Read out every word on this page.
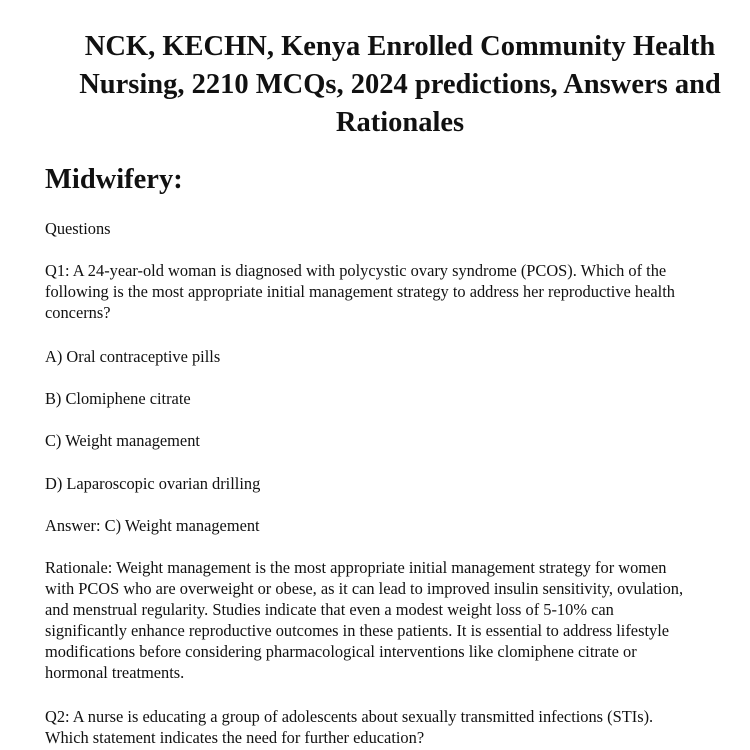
NCK, KECHN, Kenya Enrolled Community Health
Nursing, 2210 MCQs, 2024 predictions, Answers and
Rationales
Midwifery:

Questions

Q1: A 24-year-old woman is diagnosed with polycystic ovary syndrome (PCOS). Which of the
following is the most appropriate initial management strategy to address her reproductive health
concerns?

A) Oral contraceptive pills

B) Clomiphene citrate

C) Weight management

D) Laparoscopic ovarian drilling

Answer: C) Weight management

Rationale: Weight management is the most appropriate initial management strategy for women
with PCOS who are overweight or obese, as it can lead to improved insulin sensitivity, ovulation,
and menstrual regularity. Studies indicate that even a modest weight loss of 5-10% can
significantly enhance reproductive outcomes in these patients. It is essential to address lifestyle
modifications before considering pharmacological interventions like clomiphene citrate or
hormonal treatments.

Q2: A nurse is educating a group of adolescents about sexually transmitted infections (STIs).
Which statement indicates the need for further education?
